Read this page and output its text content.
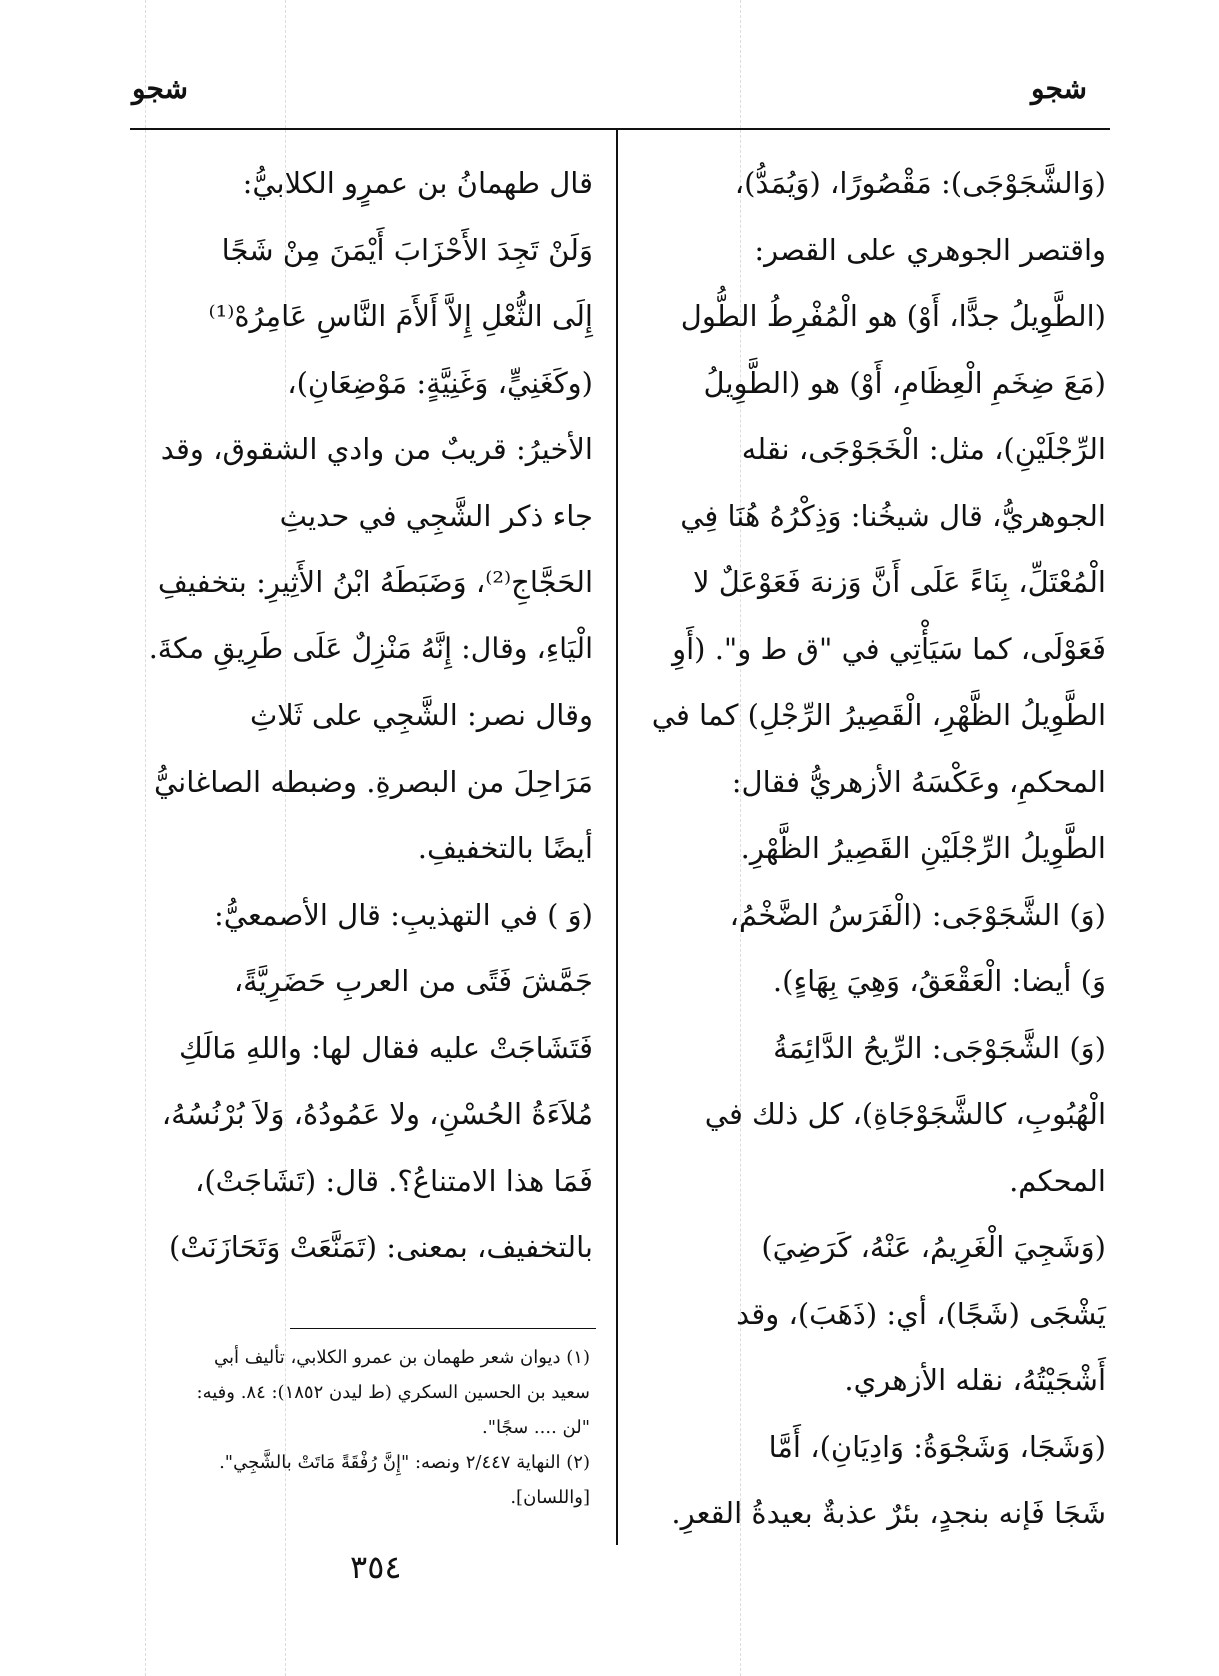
شجو
شجو

(وَالشَّجَوْجَى): مَقْصُورًا، (وَيُمَدُّ)،
واقتصر الجوهري على القصر:
(الطَّوِيلُ جدًّا، أَوْ) هو الْمُفْرِطُ الطُّول
(مَعَ ضِخَمِ الْعِظَامِ، أَوْ) هو (الطَّوِيلُ
الرِّجْلَيْنِ)، مثل: الْخَجَوْجَى، نقله
الجوهريُّ، قال شيخُنا: وَذِكْرُهُ هُنَا فِي
الْمُعْتَلِّ، بِنَاءً عَلَى أَنَّ وَزنهَ فَعَوْعَلٌ لا
فَعَوْلَى، كما سَيَأْتِي في "ق ط و". (أَوِ
الطَّوِيلُ الظَّهْرِ، الْقَصِيرُ الرِّجْلِ) كما في
المحكمِ، وعَكْسَهُ الأزهريُّ فقال:
الطَّوِيلُ الرِّجْلَيْنِ القَصِيرُ الظَّهْرِ.
(وَ) الشَّجَوْجَى: (الْفَرَسُ الضَّخْمُ،
وَ) أيضا: الْعَقْعَقُ، وَهِيَ بِهَاءٍ).
(وَ) الشَّجَوْجَى: الرِّيحُ الدَّائِمَةُ
الْهُبُوبِ، كالشَّجَوْجَاةِ)، كل ذلك في
المحكم.
(وَشَجِيَ الْغَرِيمُ، عَنْهُ، كَرَضِيَ)
يَشْجَى (شَجًا)، أي: (ذَهَبَ)، وقد
أَشْجَيْتُهُ، نقله الأزهري.
(وَشَجَا، وَشَجْوَةُ: وَادِيَانِ)، أَمَّا
شَجَا فَإنه بنجدٍ، بئرٌ عذبةٌ بعيدةُ القعرِ.

قال طهمانُ بن عمرٍو الكلابيُّ:
وَلَنْ تَجِدَ الأَحْزَابَ أَيْمَنَ مِنْ شَجًا
إِلَى الثُّعْلِ إِلاَّ أَلأَمَ النَّاسِ عَامِرُهْ⁽¹⁾
(وكَغَنِيٍّ، وَغَنِيَّةٍ: مَوْضِعَانِ)،
الأخيرُ: قريبٌ من وادي الشقوق، وقد
جاء ذكر الشَّجِي في حديثِ
الحَجَّاجِ⁽²⁾، وَضَبَطَهُ ابْنُ الأَثِيرِ: بتخفيفِ
الْيَاءِ، وقال: إِنَّهُ مَنْزِلٌ عَلَى طَرِيقِ مكةَ.
وقال نصر: الشَّجِي على ثَلاثِ
مَرَاحِلَ من البصرةِ. وضبطه الصاغانيُّ
أيضًا بالتخفيفِ.
(وَ ) في التهذيبِ: قال الأصمعيُّ:
جَمَّشَ فَتًى من العربِ حَضَرِيَّةً،
فَتَشَاجَتْ عليه فقال لها: واللهِ مَالَكِ
مُلاَءَةُ الحُسْنِ، ولا عَمُودُهُ، وَلاَ بُرْنُسُهُ،
فَمَا هذا الامتناعُ؟. قال: (تَشَاجَتْ)،
بالتخفيف، بمعنى: (تَمَنَّعَتْ وَتَحَازَنَتْ)

(١) ديوان شعر طهمان بن عمرو الكلابي، تأليف أبي
سعيد بن الحسين السكري (ط ليدن ١٨٥٢): ٨٤. وفيه:
"لن .... سجًا".

(٢) النهاية ٢/٤٤٧ ونصه: "إِنَّ رُفْقَةً مَاتَتْ بالشَّجِي".
[واللسان].

٣٥٤
